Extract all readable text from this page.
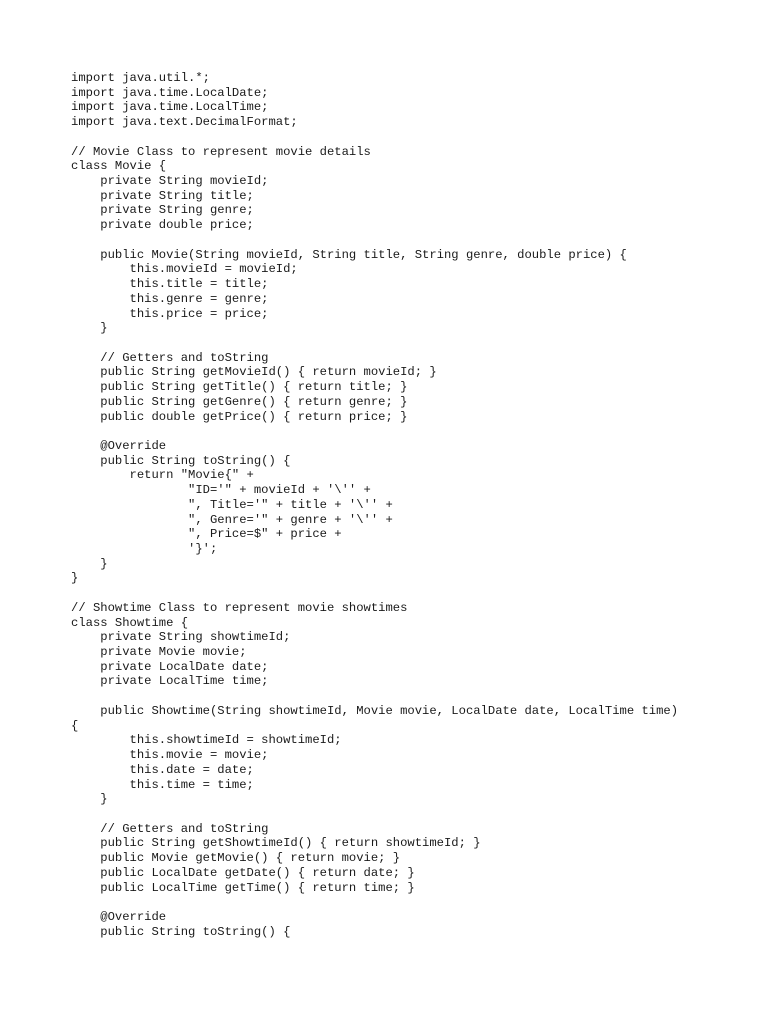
import java.util.*;
import java.time.LocalDate;
import java.time.LocalTime;
import java.text.DecimalFormat;
// Movie Class to represent movie details
class Movie {
private String movieId;
private String title;
private String genre;
private double price;
public Movie(String movieId, String title, String genre, double price) {
this.movieId = movieId;
this.title = title;
this.genre = genre;
this.price = price;
}
// Getters and toString
public String getMovieId() { return movieId; }
public String getTitle() { return title; }
public String getGenre() { return genre; }
public double getPrice() { return price; }
@Override
public String toString() {
return "Movie{" +
"ID='" + movieId + '\'' +
", Title='" + title + '\'' +
", Genre='" + genre + '\'' +
", Price=$" + price +
'}';
}
}
// Showtime Class to represent movie showtimes
class Showtime {
private String showtimeId;
private Movie movie;
private LocalDate date;
private LocalTime time;
public Showtime(String showtimeId, Movie movie, LocalDate date, LocalTime time)
{
this.showtimeId = showtimeId;
this.movie = movie;
this.date = date;
this.time = time;
}
// Getters and toString
public String getShowtimeId() { return showtimeId; }
public Movie getMovie() { return movie; }
public LocalDate getDate() { return date; }
public LocalTime getTime() { return time; }
@Override
public String toString() {
